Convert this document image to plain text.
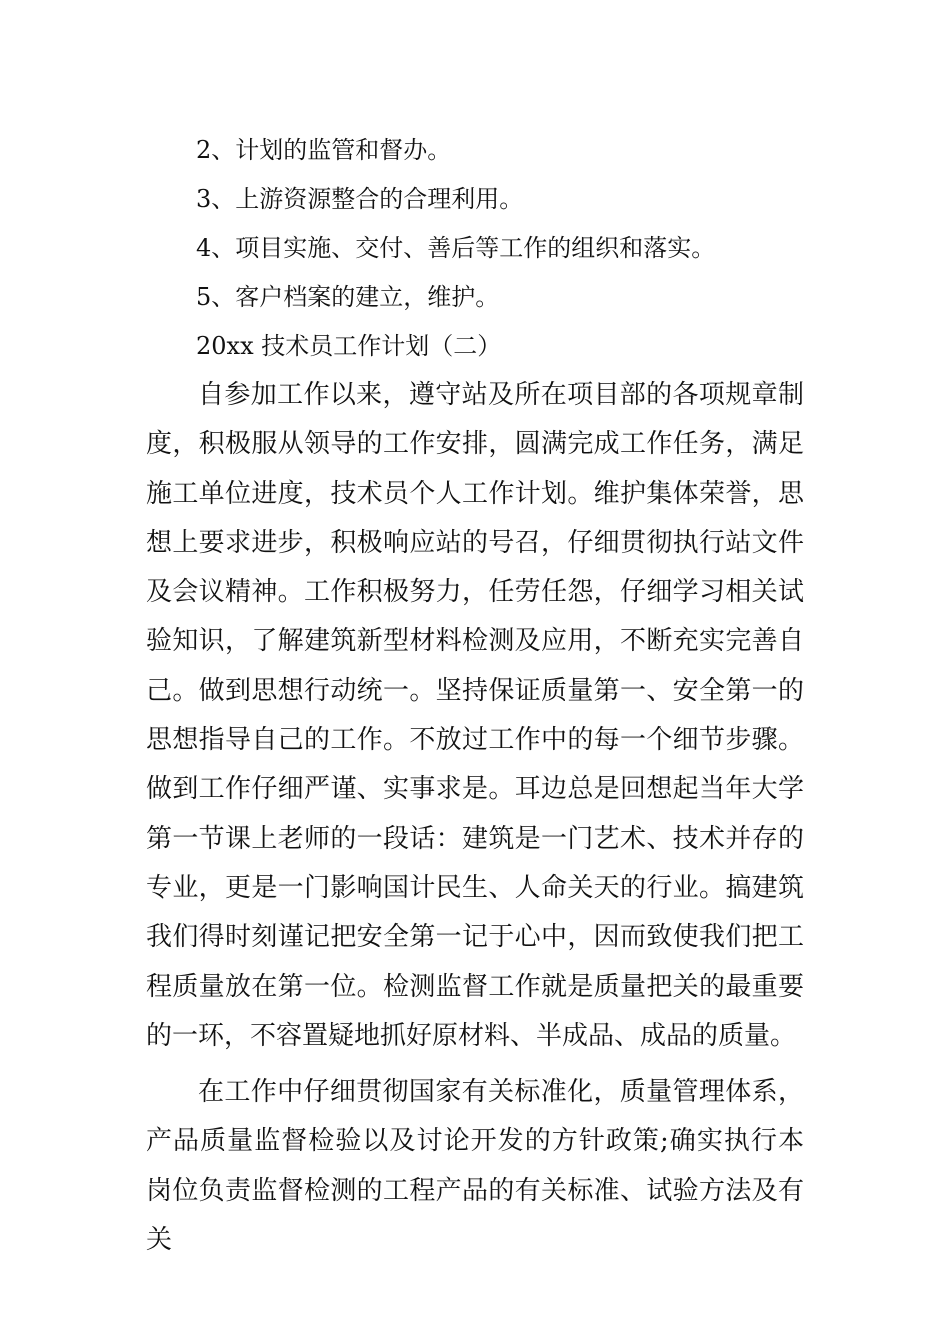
2、计划的监管和督办。
3、上游资源整合的合理利用。
4、项目实施、交付、善后等工作的组织和落实。
5、客户档案的建立，维护。
20xx 技术员工作计划（二）

自参加工作以来，遵守站及所在项目部的各项规章制度，积极服从领导的工作安排，圆满完成工作任务，满足施工单位进度，技术员个人工作计划。维护集体荣誉，思想上要求进步，积极响应站的号召，仔细贯彻执行站文件及会议精神。工作积极努力，任劳任怨，仔细学习相关试验知识，了解建筑新型材料检测及应用，不断充实完善自己。做到思想行动统一。坚持保证质量第一、安全第一的思想指导自己的工作。不放过工作中的每一个细节步骤。做到工作仔细严谨、实事求是。耳边总是回想起当年大学第一节课上老师的一段话：建筑是一门艺术、技术并存的专业，更是一门影响国计民生、人命关天的行业。搞建筑我们得时刻谨记把安全第一记于心中，因而致使我们把工程质量放在第一位。检测监督工作就是质量把关的最重要的一环，不容置疑地抓好原材料、半成品、成品的质量。

在工作中仔细贯彻国家有关标准化，质量管理体系，产品质量监督检验以及讨论开发的方针政策;确实执行本岗位负责监督检测的工程产品的有关标准、试验方法及有关
